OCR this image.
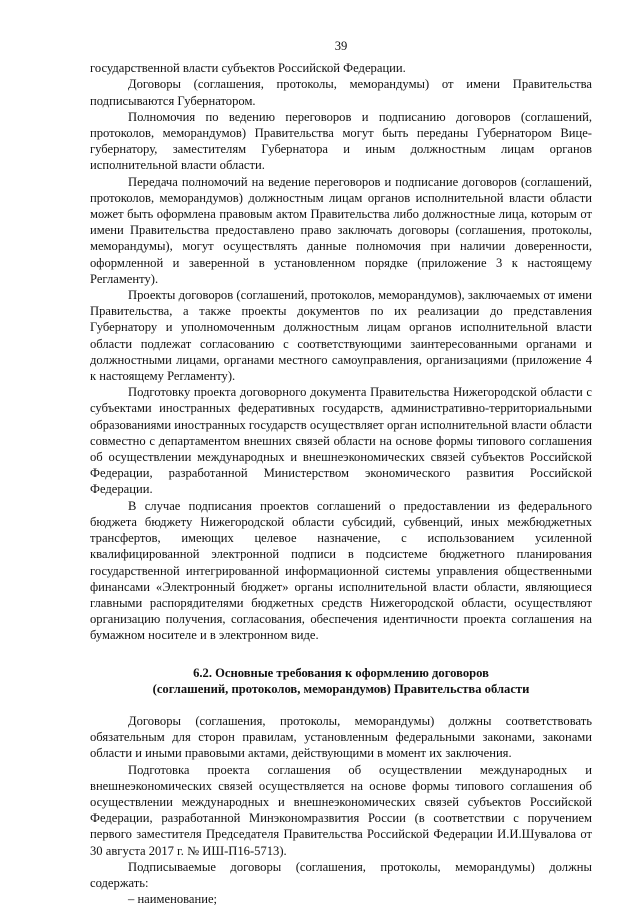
39

государственной власти субъектов Российской Федерации.

Договоры (соглашения, протоколы, меморандумы) от имени Правительства подписываются Губернатором.

Полномочия по ведению переговоров и подписанию договоров (соглашений, протоколов, меморандумов) Правительства могут быть переданы Губернатором Вице-губернатору, заместителям Губернатора и иным должностным лицам органов исполнительной власти области.

Передача полномочий на ведение переговоров и подписание договоров (соглашений, протоколов, меморандумов) должностным лицам органов исполнительной власти области может быть оформлена правовым актом Правительства либо должностные лица, которым от имени Правительства предоставлено право заключать договоры (соглашения, протоколы, меморандумы), могут осуществлять данные полномочия при наличии доверенности, оформленной и заверенной в установленном порядке (приложение 3 к настоящему Регламенту).

Проекты договоров (соглашений, протоколов, меморандумов), заключаемых от имени Правительства, а также проекты документов по их реализации до представления Губернатору и уполномоченным должностным лицам органов исполнительной власти области подлежат согласованию с соответствующими заинтересованными органами и должностными лицами, органами местного самоуправления, организациями (приложение 4 к настоящему Регламенту).

Подготовку проекта договорного документа Правительства Нижегородской области с субъектами иностранных федеративных государств, административно-территориальными образованиями иностранных государств осуществляет орган исполнительной власти области совместно с департаментом внешних связей области на основе формы типового соглашения об осуществлении международных и внешнеэкономических связей субъектов Российской Федерации, разработанной Министерством экономического развития Российской Федерации.

В случае подписания проектов соглашений о предоставлении из федерального бюджета бюджету Нижегородской области субсидий, субвенций, иных межбюджетных трансфертов, имеющих целевое назначение, с использованием усиленной квалифицированной электронной подписи в подсистеме бюджетного планирования государственной интегрированной информационной системы управления общественными финансами «Электронный бюджет» органы исполнительной власти области, являющиеся главными распорядителями бюджетных средств Нижегородской области, осуществляют организацию получения, согласования, обеспечения идентичности проекта соглашения на бумажном носителе и в электронном виде.

6.2. Основные требования к оформлению договоров
(соглашений, протоколов, меморандумов) Правительства области

Договоры (соглашения, протоколы, меморандумы) должны соответствовать обязательным для сторон правилам, установленным федеральными законами, законами области и иными правовыми актами, действующими в момент их заключения.

Подготовка проекта соглашения об осуществлении международных и внешнеэкономических связей осуществляется на основе формы типового соглашения об осуществлении международных и внешнеэкономических связей субъектов Российской Федерации, разработанной Минэкономразвития России (в соответствии с поручением первого заместителя Председателя Правительства Российской Федерации И.И.Шувалова от 30 августа 2017 г. № ИШ-П16-5713).

Подписываемые договоры (соглашения, протоколы, меморандумы) должны содержать:

– наименование;
